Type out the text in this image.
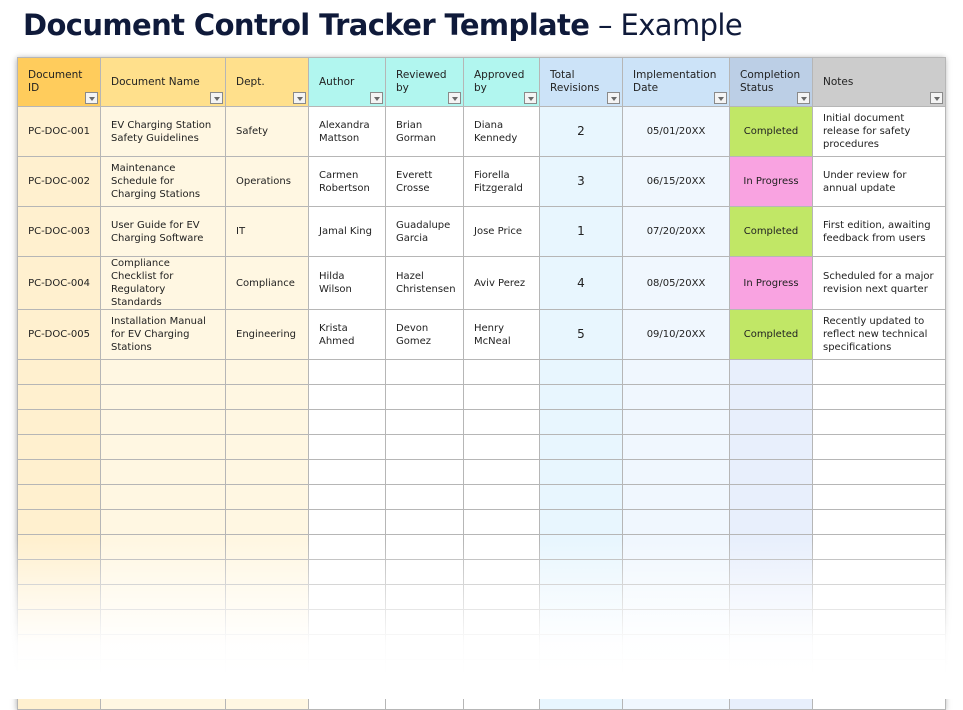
Document Control Tracker Template – Example
Document ID	Document Name	Dept.	Author	Reviewed by	Approved by	Total Revisions	Implementation Date	Completion Status	Notes

PC-DOC-001	EV Charging Station Safety Guidelines	Safety	Alexandra Mattson	Brian Gorman	Diana Kennedy	2	05/01/20XX	Completed	Initial document release for safety procedures

PC-DOC-002	Maintenance Schedule for Charging Stations	Operations	Carmen Robertson	Everett Crosse	Fiorella Fitzgerald	3	06/15/20XX	In Progress	Under review for annual update

PC-DOC-003	User Guide for EV Charging Software	IT	Jamal King	Guadalupe Garcia	Jose Price	1	07/20/20XX	Completed	First edition, awaiting feedback from users

PC-DOC-004	Compliance Checklist for Regulatory Standards	Compliance	Hilda Wilson	Hazel Christensen	Aviv Perez	4	08/05/20XX	In Progress	Scheduled for a major revision next quarter

PC-DOC-005	Installation Manual for EV Charging Stations	Engineering	Krista Ahmed	Devon Gomez	Henry McNeal	5	09/10/20XX	Completed	Recently updated to reflect new technical specifications
